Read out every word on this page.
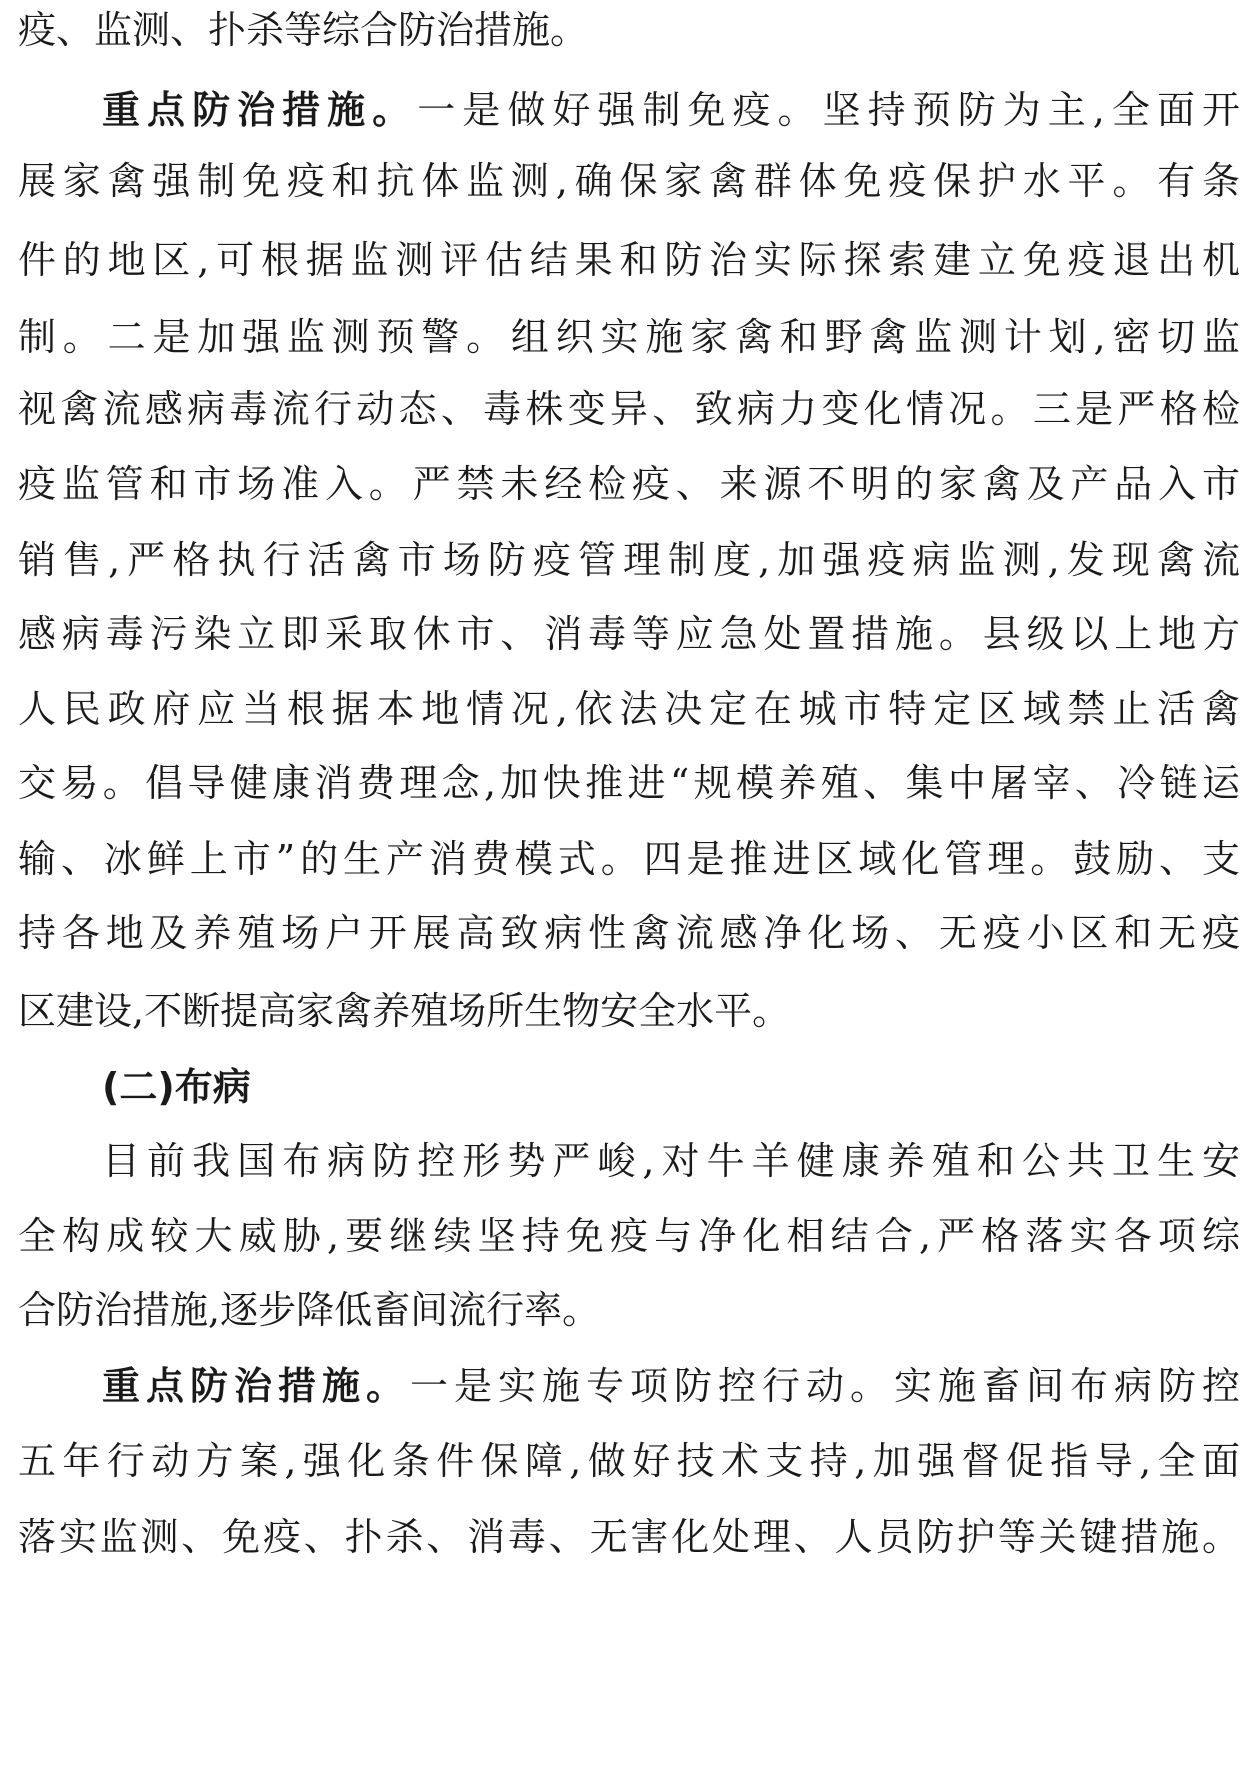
疫、监测、扑杀等综合防治措施。
重点防治措施。一是做好强制免疫。坚持预防为主,全面开
展家禽强制免疫和抗体监测,确保家禽群体免疫保护水平。有条
件的地区,可根据监测评估结果和防治实际探索建立免疫退出机
制。二是加强监测预警。组织实施家禽和野禽监测计划,密切监
视禽流感病毒流行动态、毒株变异、致病力变化情况。三是严格检
疫监管和市场准入。严禁未经检疫、来源不明的家禽及产品入市
销售,严格执行活禽市场防疫管理制度,加强疫病监测,发现禽流
感病毒污染立即采取休市、消毒等应急处置措施。县级以上地方
人民政府应当根据本地情况,依法决定在城市特定区域禁止活禽
交易。倡导健康消费理念,加快推进“规模养殖、集中屠宰、冷链运
输、冰鲜上市”的生产消费模式。四是推进区域化管理。鼓励、支
持各地及养殖场户开展高致病性禽流感净化场、无疫小区和无疫
区建设,不断提高家禽养殖场所生物安全水平。
(二)布病
目前我国布病防控形势严峻,对牛羊健康养殖和公共卫生安
全构成较大威胁,要继续坚持免疫与净化相结合,严格落实各项综
合防治措施,逐步降低畜间流行率。
重点防治措施。一是实施专项防控行动。实施畜间布病防控
五年行动方案,强化条件保障,做好技术支持,加强督促指导,全面
落实监测、免疫、扑杀、消毒、无害化处理、人员防护等关键措施。
